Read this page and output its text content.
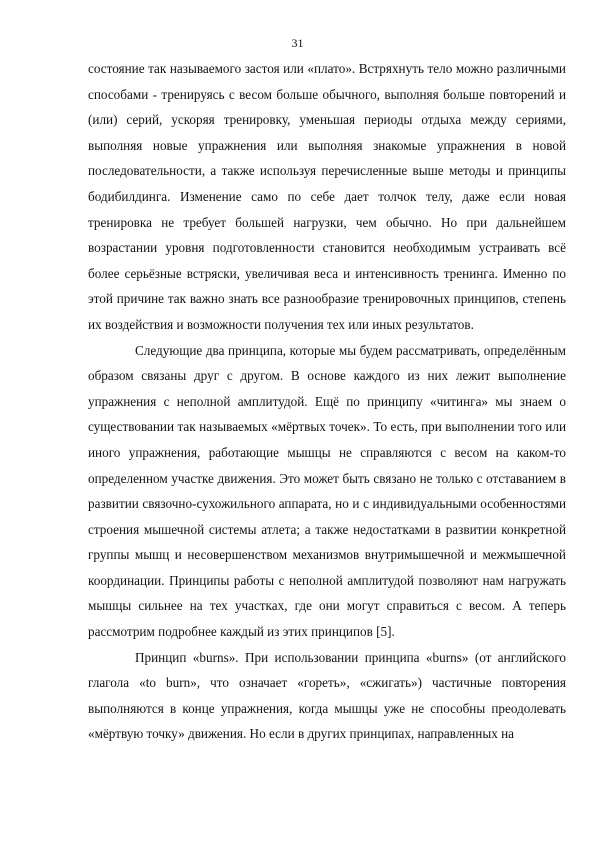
31

состояние так называемого застоя или «плато». Встряхнуть тело можно различными способами - тренируясь с весом больше обычного, выполняя больше повторений и (или) серий, ускоряя тренировку, уменьшая периоды отдыха между сериями, выполняя новые упражнения или выполняя знакомые упражнения в новой последовательности, а также используя перечисленные выше методы и принципы бодибилдинга. Изменение само по себе дает толчок телу, даже если новая тренировка не требует большей нагрузки, чем обычно. Но при дальнейшем возрастании уровня подготовленности становится необходимым устраивать всё более серьёзные встряски, увеличивая веса и интенсивность тренинга. Именно по этой причине так важно знать все разнообразие тренировочных принципов, степень их воздействия и возможности получения тех или иных результатов.

Следующие два принципа, которые мы будем рассматривать, определённым образом связаны друг с другом. В основе каждого из них лежит выполнение упражнения с неполной амплитудой. Ещё по принципу «читинга» мы знаем о существовании так называемых «мёртвых точек». То есть, при выполнении того или иного упражнения, работающие мышцы не справляются с весом на каком-то определенном участке движения. Это может быть связано не только с отставанием в развитии связочно-сухожильного аппарата, но и с индивидуальными особенностями строения мышечной системы атлета; а также недостатками в развитии конкретной группы мышц и несовершенством механизмов внутримышечной и межмышечной координации. Принципы работы с неполной амплитудой позволяют нам нагружать мышцы сильнее на тех участках, где они могут справиться с весом. А теперь рассмотрим подробнее каждый из этих принципов [5].

Принцип «burns». При использовании принципа «burns» (от английского глагола «to burn», что означает «гореть», «сжигать») частичные повторения выполняются в конце упражнения, когда мышцы уже не способны преодолевать «мёртвую точку» движения. Но если в других принципах, направленных на
